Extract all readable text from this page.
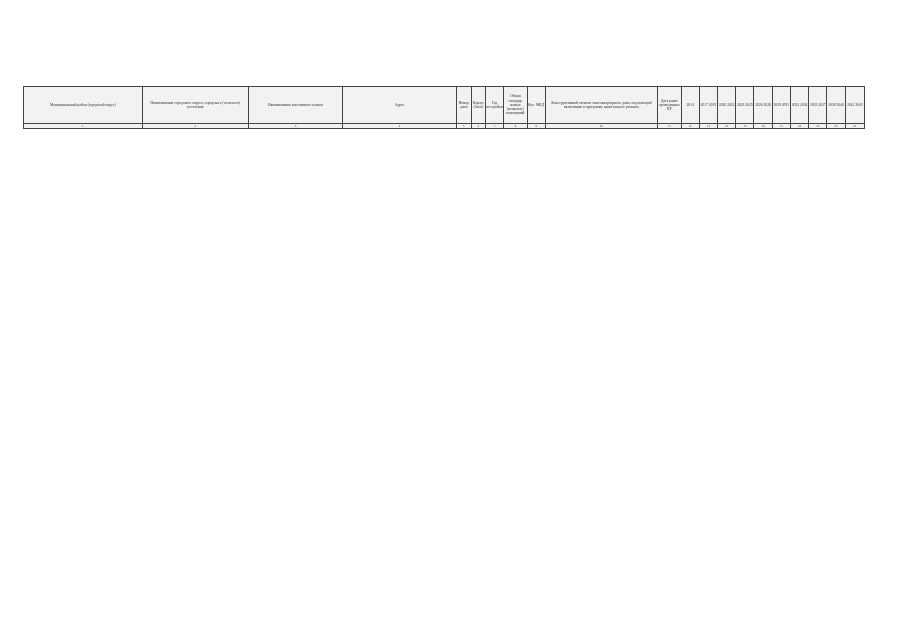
Муниципальный район (городской округ)	Наименование городского округа, городского (сельского) поселения	Наименование населенного пункта	Адрес	Номер дома	Корпус (блок)	Год постройки	Общая площадь жилых (нежилых) помещений	Кол. МКД	Конструктивный элемент многоквартирного дома, подлежащий включению в программу капитального ремонта	Дата ранее проведенных КР	2014	2017 2019	2020 2022	2023 2025	2026 2028	2029 2031	2032 2034	2035 2037	2038 2040	2041 2043
1	2	3	4	5	6	7	8	9	10	11	12	13	14	15	16	17	18	19	20	21
